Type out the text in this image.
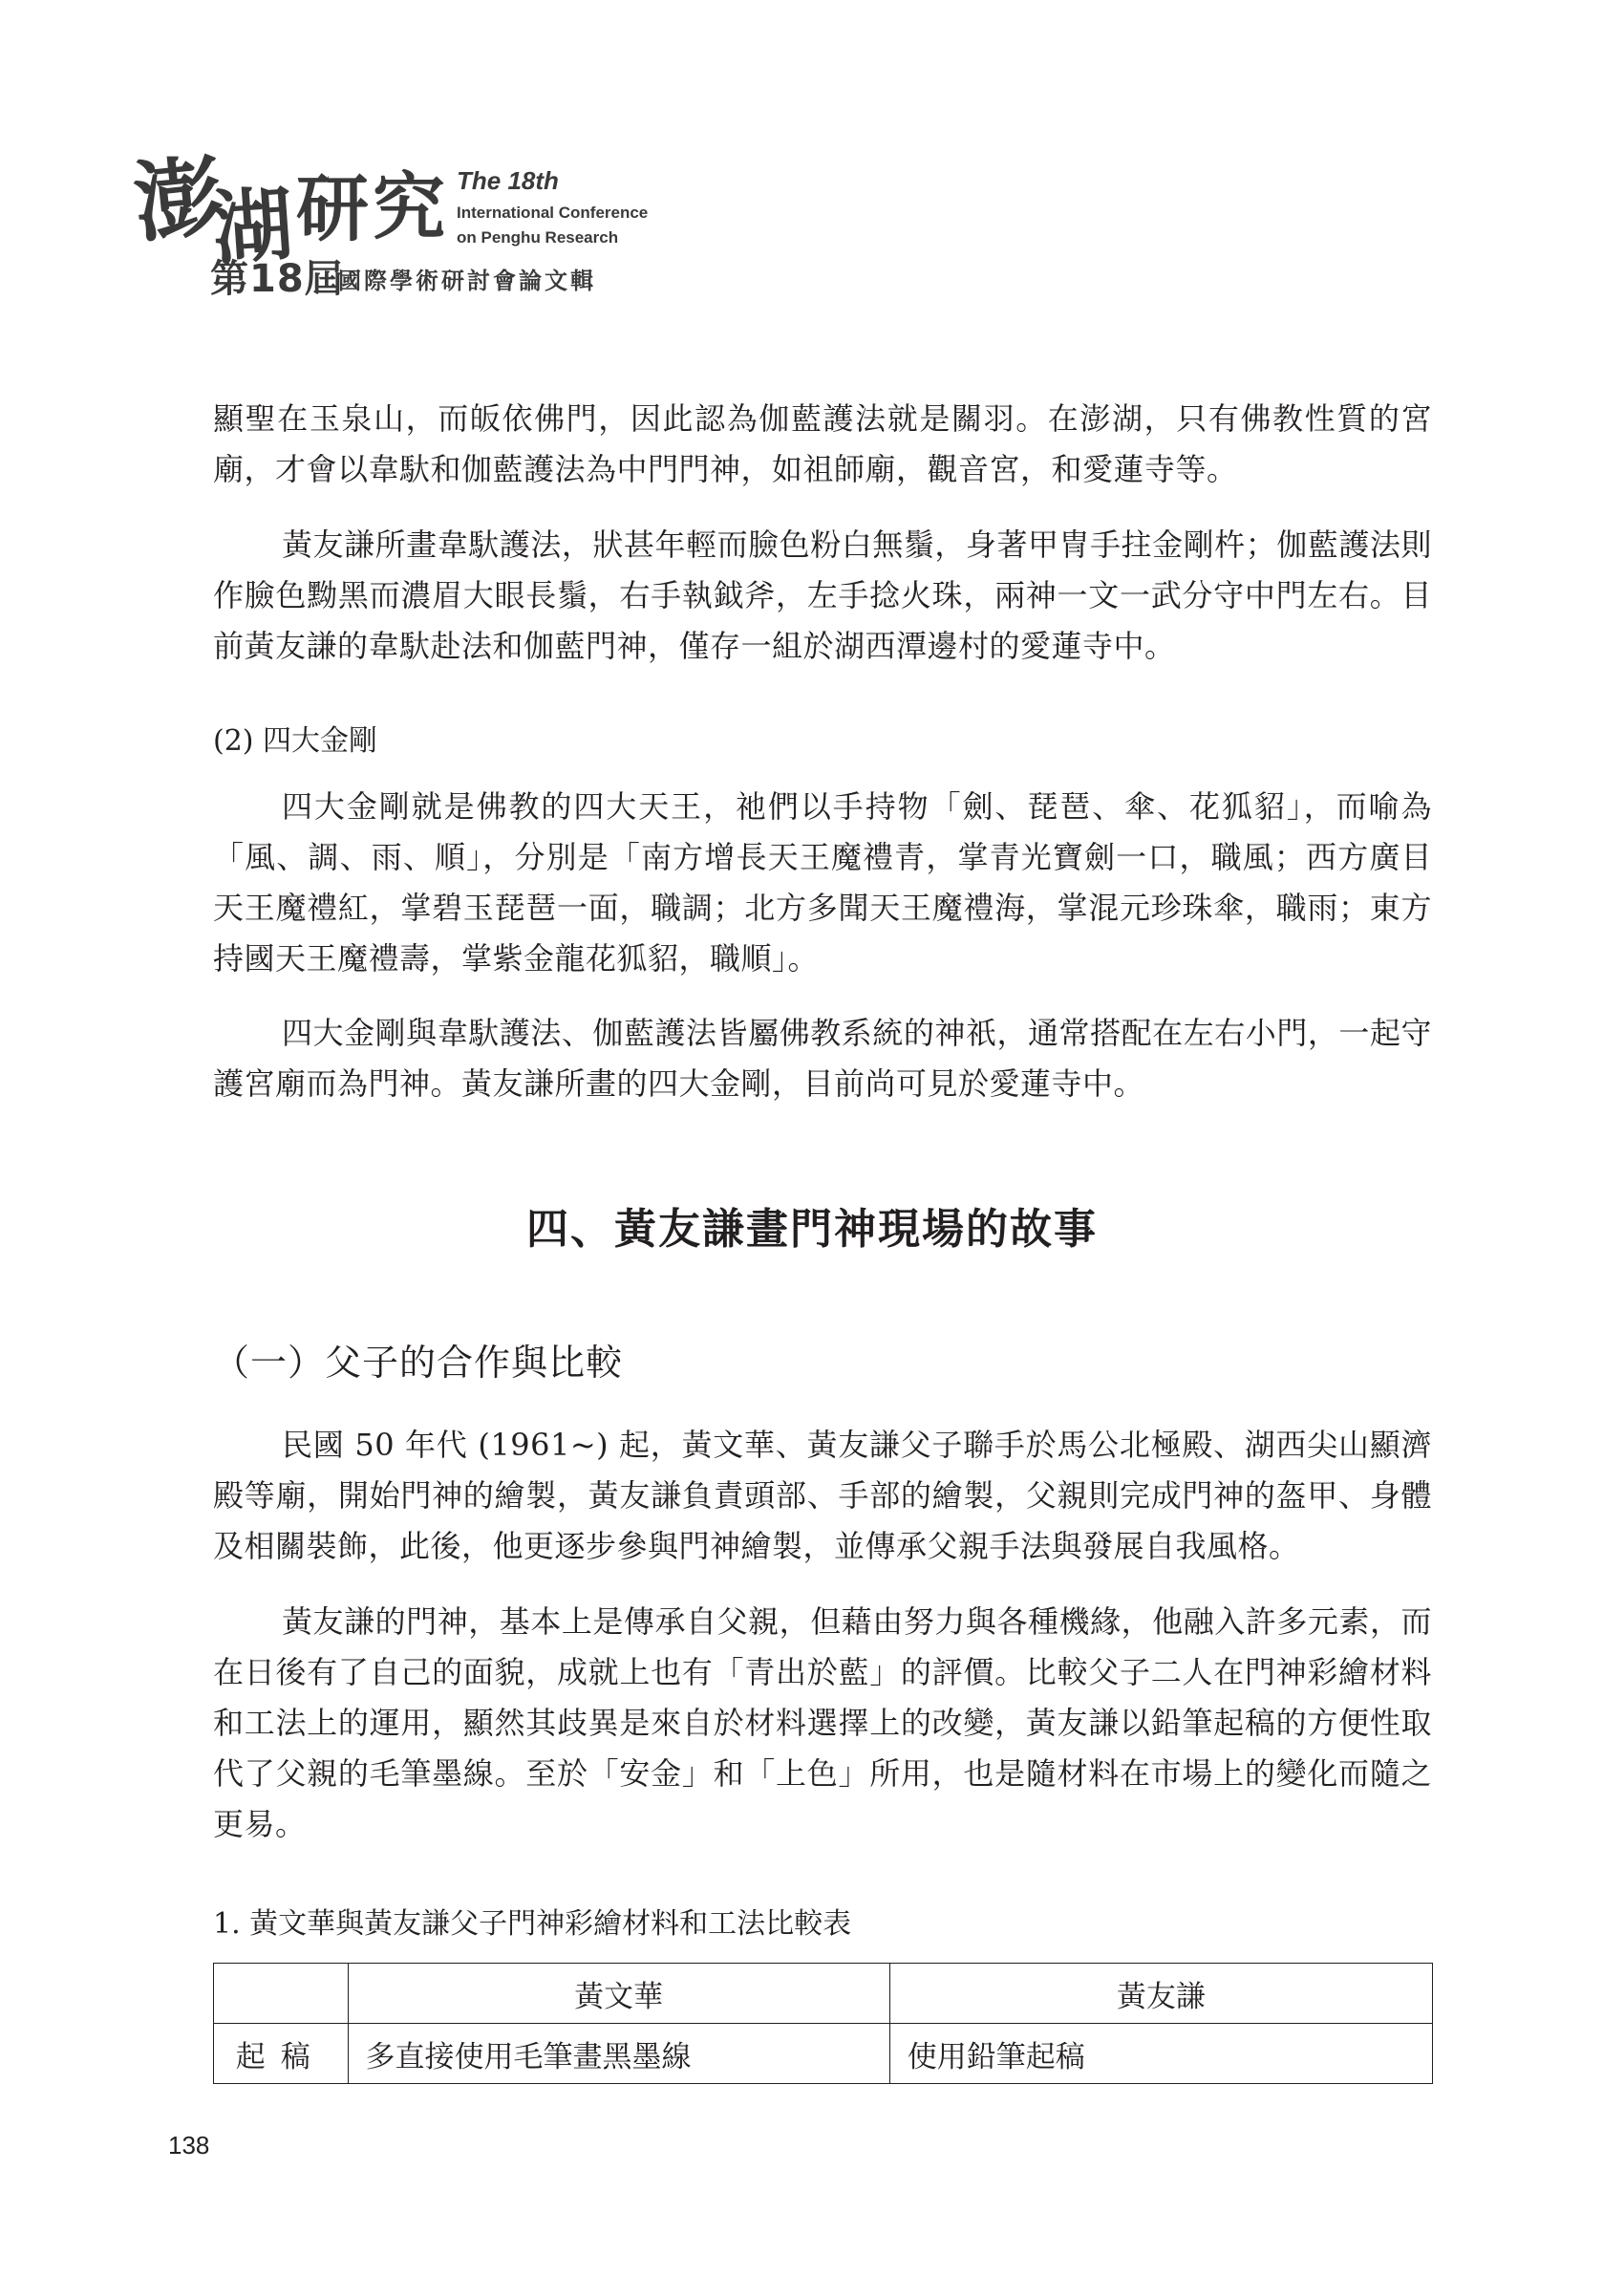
澎
湖 研 究 The 18th
International Conference
on Penghu Research
第18屆
國際學術研討會論文輯
顯聖在玉泉山，而皈依佛門，因此認為伽藍護法就是關羽。在澎湖，只有佛教性質的宮廟，才會以韋馱和伽藍護法為中門門神，如祖師廟，觀音宮，和愛蓮寺等。
黃友謙所畫韋馱護法，狀甚年輕而臉色粉白無鬚，身著甲冑手拄金剛杵；伽藍護法則作臉色黝黑而濃眉大眼長鬚，右手執鉞斧，左手捻火珠，兩神一文一武分守中門左右。目前黃友謙的韋馱赴法和伽藍門神，僅存一組於湖西潭邊村的愛蓮寺中。
(2) 四大金剛
四大金剛就是佛教的四大天王，祂們以手持物「劍、琵琶、傘、花狐貂」，而喻為「風、調、雨、順」，分別是「南方增長天王魔禮青，掌青光寶劍一口，職風；西方廣目天王魔禮紅，掌碧玉琵琶一面，職調；北方多聞天王魔禮海，掌混元珍珠傘，職雨；東方持國天王魔禮壽，掌紫金龍花狐貂，職順」。
四大金剛與韋馱護法、伽藍護法皆屬佛教系統的神祇，通常搭配在左右小門，一起守護宮廟而為門神。黃友謙所畫的四大金剛，目前尚可見於愛蓮寺中。
四、黃友謙畫門神現場的故事
（一）父子的合作與比較
民國 50 年代 (1961~) 起，黃文華、黃友謙父子聯手於馬公北極殿、湖西尖山顯濟殿等廟，開始門神的繪製，黃友謙負責頭部、手部的繪製，父親則完成門神的盔甲、身體及相關裝飾，此後，他更逐步參與門神繪製，並傳承父親手法與發展自我風格。
黃友謙的門神，基本上是傳承自父親，但藉由努力與各種機緣，他融入許多元素，而在日後有了自己的面貌，成就上也有「青出於藍」的評價。比較父子二人在門神彩繪材料和工法上的運用，顯然其歧異是來自於材料選擇上的改變，黃友謙以鉛筆起稿的方便性取代了父親的毛筆墨線。至於「安金」和「上色」所用，也是隨材料在市場上的變化而隨之更易。
1. 黃文華與黃友謙父子門神彩繪材料和工法比較表
	黃文華	黃友謙
起稿	多直接使用毛筆畫黑墨線	使用鉛筆起稿
138
